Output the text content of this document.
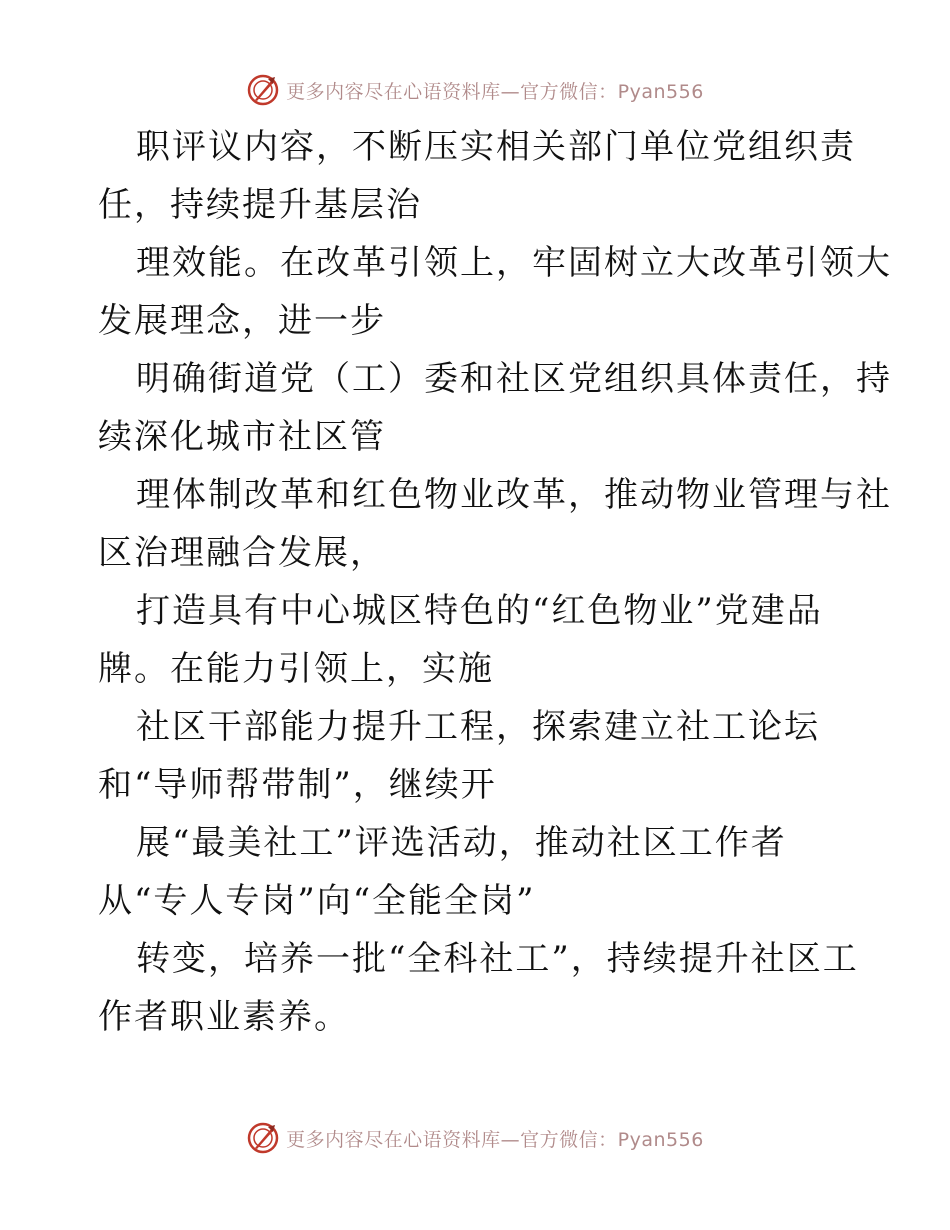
更多内容尽在心语资料库—官方微信：Pyan556
职评议内容，不断压实相关部门单位党组织责
任，持续提升基层治
理效能。在改革引领上，牢固树立大改革引领大
发展理念，进一步
明确街道党（工）委和社区党组织具体责任，持
续深化城市社区管
理体制改革和红色物业改革，推动物业管理与社
区治理融合发展，
打造具有中心城区特色的“红色物业”党建品
牌。在能力引领上，实施
社区干部能力提升工程，探索建立社工论坛
和“导师帮带制”，继续开
展“最美社工”评选活动，推动社区工作者
从“专人专岗”向“全能全岗”
转变，培养一批“全科社工”，持续提升社区工
作者职业素养。
更多内容尽在心语资料库—官方微信：Pyan556
